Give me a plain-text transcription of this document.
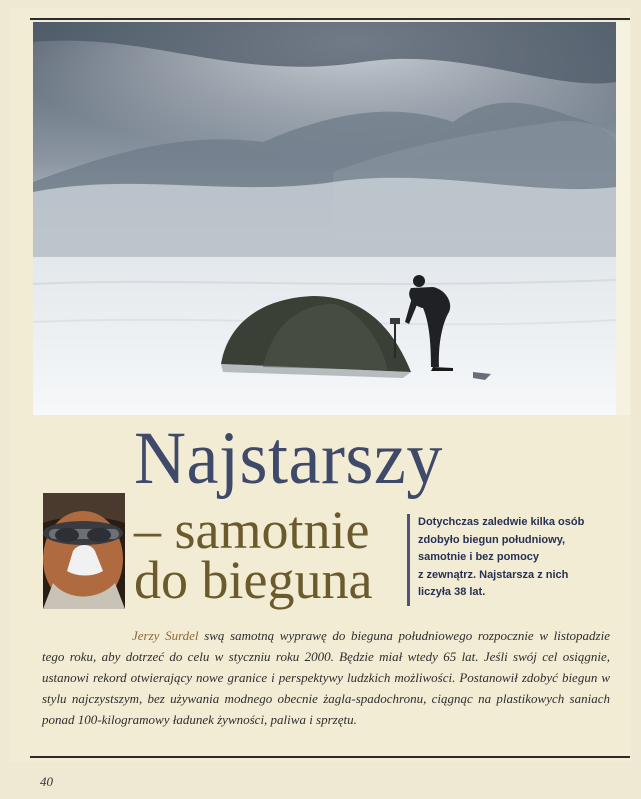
Najstarszy
– samotnie
do bieguna

Dotychczas zaledwie kilka osób

zdobyło biegun południowy,

samotnie i bez pomocy

z zewnątrz. Najstarsza z nich

liczyła 38 lat.

Jerzy Surdel swą samotną wyprawę do bieguna południowego rozpocznie w listopadzie tego roku, aby dotrzeć do celu w styczniu roku 2000. Będzie miał wtedy 65 lat. Jeśli swój cel osiągnie, ustanowi rekord otwierający nowe granice i perspektywy ludzkich możliwości. Postanowił zdobyć biegun w stylu najczystszym, bez używania modnego obecnie żagla-spadochronu, ciągnąc na plastikowych saniach ponad 100-kilogramowy ładunek żywności, paliwa i sprzętu.
40
